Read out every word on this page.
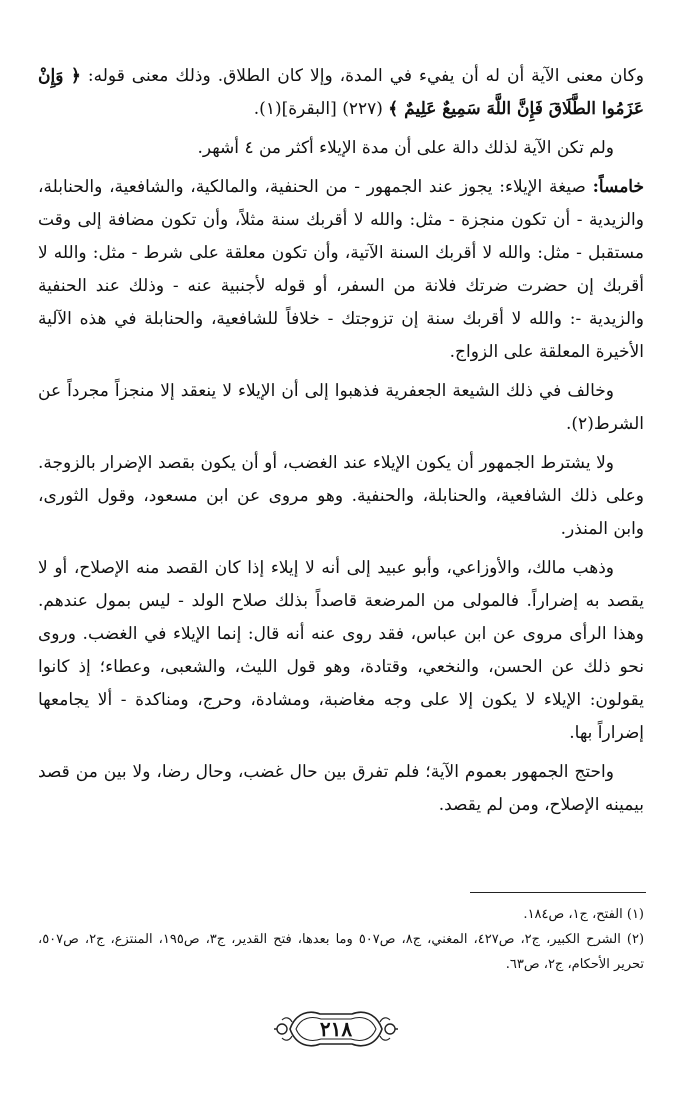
وكان معنى الآية أن له أن يفيء في المدة، وإلا كان الطلاق. وذلك معنى قوله: ﴿ وَإِنْ عَزَمُوا الطَّلَاقَ فَإِنَّ اللَّهَ سَمِيعٌ عَلِيمٌ ﴾ (٢٢٧) [البقرة](١).

ولم تكن الآية لذلك دالة على أن مدة الإيلاء أكثر من ٤ أشهر.

خامساً: صيغة الإيلاء: يجوز عند الجمهور - من الحنفية، والمالكية، والشافعية، والحنابلة، والزيدية - أن تكون منجزة - مثل: والله لا أقربك سنة مثلاً، وأن تكون مضافة إلى وقت مستقبل - مثل: والله لا أقربك السنة الآتية، وأن تكون معلقة على شرط - مثل: والله لا أقربك إن حضرت ضرتك فلانة من السفر، أو قوله لأجنبية عنه - وذلك عند الحنفية والزيدية -: والله لا أقربك سنة إن تزوجتك - خلافاً للشافعية، والحنابلة في هذه الآلية الأخيرة المعلقة على الزواج.

وخالف في ذلك الشيعة الجعفرية فذهبوا إلى أن الإيلاء لا ينعقد إلا منجزاً مجرداً عن الشرط(٢).

ولا يشترط الجمهور أن يكون الإيلاء عند الغضب، أو أن يكون بقصد الإضرار بالزوجة. وعلى ذلك الشافعية، والحنابلة، والحنفية. وهو مروى عن ابن مسعود، وقول الثورى، وابن المنذر.

وذهب مالك، والأوزاعي، وأبو عبيد إلى أنه لا إيلاء إذا كان القصد منه الإصلاح، أو لا يقصد به إضراراً. فالمولى من المرضعة قاصداً بذلك صلاح الولد - ليس بمول عندهم. وهذا الرأى مروى عن ابن عباس، فقد روى عنه أنه قال: إنما الإيلاء في الغضب. وروى نحو ذلك عن الحسن، والنخعي، وقتادة، وهو قول الليث، والشعبى، وعطاء؛ إذ كانوا يقولون: الإيلاء لا يكون إلا على وجه مغاضبة، ومشادة، وحرج، ومناكدة - ألا يجامعها إضراراً بها.

واحتج الجمهور بعموم الآية؛ فلم تفرق بين حال غضب، وحال رضا، ولا بين من قصد بيمينه الإصلاح، ومن لم يقصد.

(١) الفتح، ج١، ص١٨٤.

(٢) الشرح الكبير، ج٢، ص٤٢٧، المغني، ج٨، ص٥٠٧ وما بعدها، فتح القدير، ج٣، ص١٩٥، المنتزع، ج٢، ص٥٠٧، تحرير الأحكام، ج٢، ص٦٣.

٢١٨
